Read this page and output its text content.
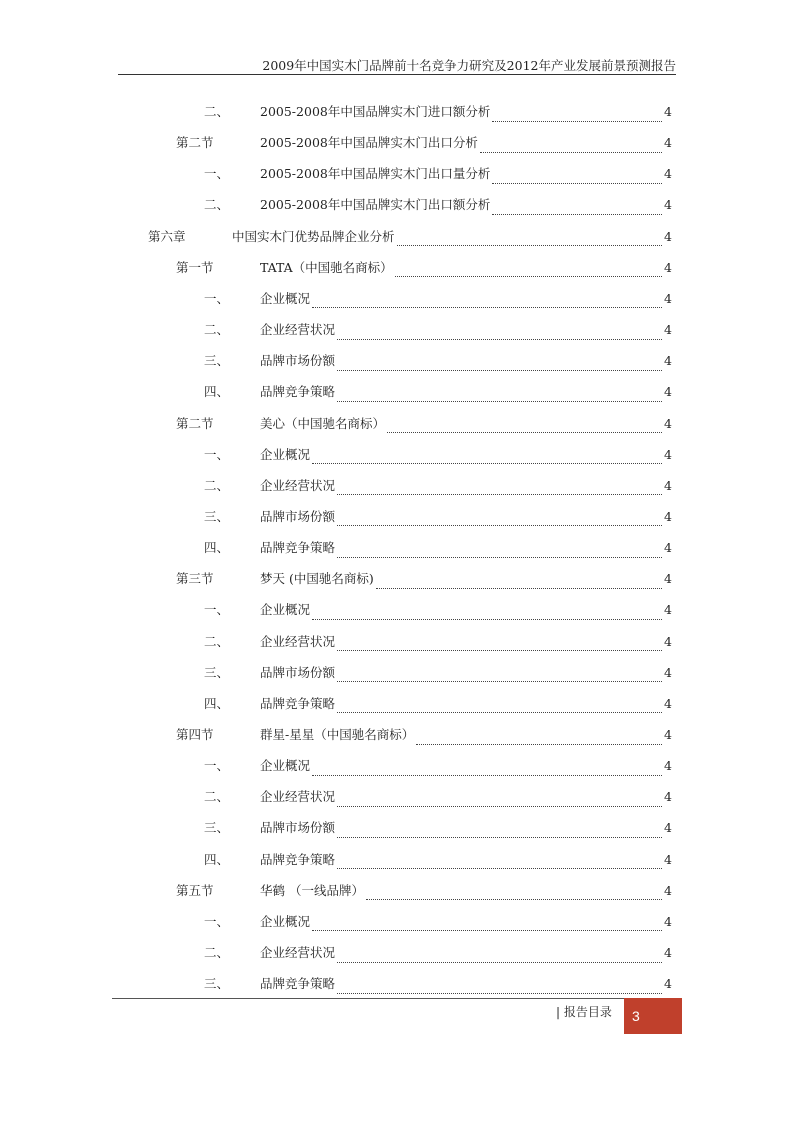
2009年中国实木门品牌前十名竞争力研究及2012年产业发展前景预测报告
二、 2005-2008年中国品牌实木门进口额分析	4
第二节	2005-2008年中国品牌实木门出口分析	4
一、 2005-2008年中国品牌实木门出口量分析	4
二、 2005-2008年中国品牌实木门出口额分析	4
第六章	中国实木门优势品牌企业分析	4
第一节	TATA（中国驰名商标）	4
一、 企业概况	4
二、 企业经营状况	4
三、 品牌市场份额	4
四、 品牌竞争策略	4
第二节	美心（中国驰名商标）	4
一、 企业概况	4
二、 企业经营状况	4
三、 品牌市场份额	4
四、 品牌竞争策略	4
第三节	梦天 (中国驰名商标)	4
一、 企业概况	4
二、 企业经营状况	4
三、 品牌市场份额	4
四、 品牌竞争策略	4
第四节	群星-星星（中国驰名商标）	4
一、 企业概况	4
二、 企业经营状况	4
三、 品牌市场份额	4
四、 品牌竞争策略	4
第五节	华鹤 （一线品牌）	4
一、 企业概况	4
二、 企业经营状况	4
三、 品牌竞争策略	4
| 报告目录	3
